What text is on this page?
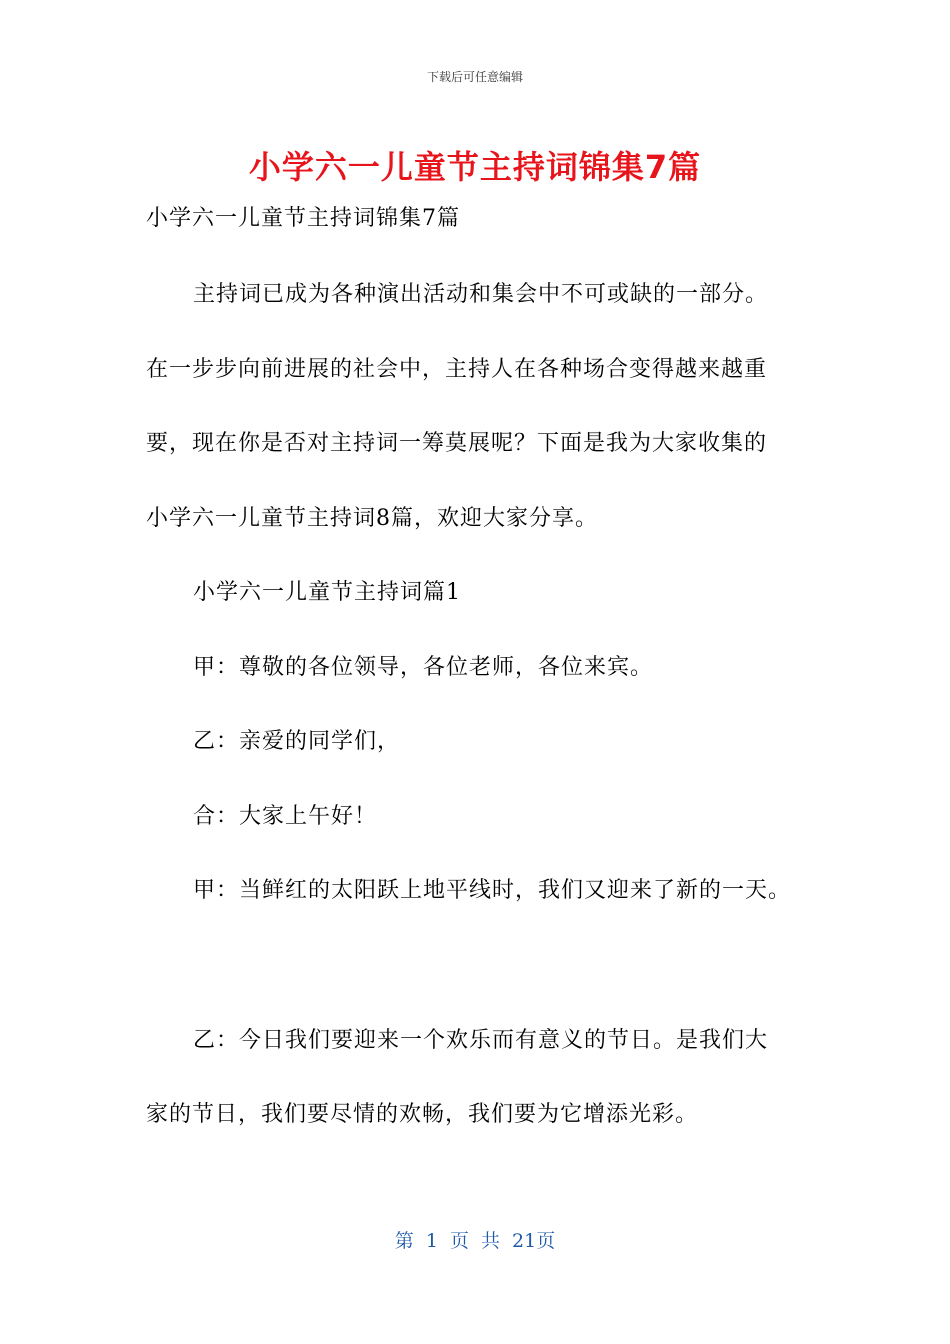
下载后可任意编辑
小学六一儿童节主持词锦集7篇
小学六一儿童节主持词锦集7篇
主持词已成为各种演出活动和集会中不可或缺的一部分。
在一步步向前进展的社会中，主持人在各种场合变得越来越重
要，现在你是否对主持词一筹莫展呢？下面是我为大家收集的
小学六一儿童节主持词8篇，欢迎大家分享。
小学六一儿童节主持词篇1
甲：尊敬的各位领导，各位老师，各位来宾。
乙：亲爱的同学们，
合：大家上午好！
甲：当鲜红的太阳跃上地平线时，我们又迎来了新的一天。
乙：今日我们要迎来一个欢乐而有意义的节日。是我们大
家的节日，我们要尽情的欢畅，我们要为它增添光彩。
第 1 页 共 21页
